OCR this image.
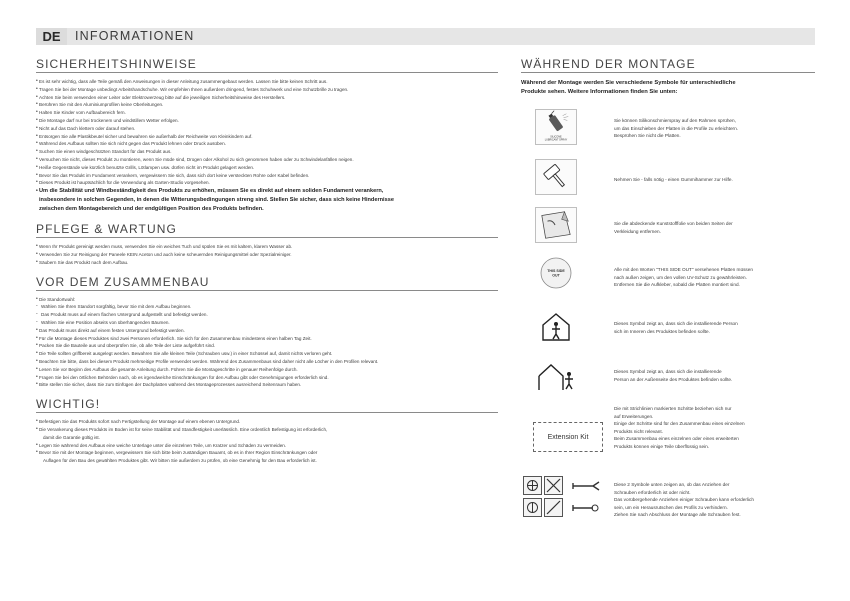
DE	INFORMATIONEN
SICHERHEITSHINWEISE
• Es ist sehr wichtig, dass alle Teile gemäß den Anweisungen in dieser Anleitung zusammengebaut werden. Lassen Sie bitte keinen Schritt aus.
• Tragen Sie bei der Montage unbedingt Arbeitshandschuhe. Wir empfehlen Ihnen außerdem dringend, festes Schuhwerk und eine Schutzbrille zu tragen.
• Achten Sie beim verwenden einer Leiter oder Elektrowerzeug bitte auf die jeweiligen Sicherheitshinweise des Herstellers.
• Berühren Sie mit den Aluminiumprofilen keine Oberleitungen.
• Halten Sie Kinder vom Aufbaubereich fern.
• Die Montage darf nur bei trockenem und windstillem Wetter erfolgen.
• Nicht auf das Dach klettern oder darauf stehen.
• Entsorgen Sie alle Plastikbeutel sicher und bewahren sie außerhalb der Reichweite von Kleinkindern auf.
• Während des Aufbaus sollten Sie sich nicht gegen das Produkt lehnen oder Druck ausüben.
• Suchen Sie einen windgeschützten Standort für das Produkt aus.
• Versuchen Sie nicht, dieses Produkt zu montieren, wenn Sie müde sind, Drogen oder Alkohol zu sich genommen haben oder zu Schwindelanfällen neigen.
• Heiße Gegenstände wie kürzlich benutzte Grills, Lötlampen usw. dürfen nicht im Produkt gelagert werden.
• Bevor Sie das Produkt im Fundament verankern, vergewissern Sie sich, dass sich dort keine versteckten Rohre oder Kabel befinden.
• Dieses Produkt ist hauptsächlich für die Verwendung als Garten-Studio vorgesehen.
• Um die Stabilität und Windbeständigkeit des Produkts zu erhöhen, müssen Sie es direkt auf einem soliden Fundament verankern,
insbesondere in solchen Gegenden, in denen die Witterungsbedingungen streng sind. Stellen Sie sicher, dass sich keine Hindernisse
zwischen dem Montagebereich und der endgültigen Position des Produkts befinden.
PFLEGE & WARTUNG
• Wenn Ihr Produkt gereinigt werden muss, verwenden Sie ein weiches Tuch und spülen Sie es mit kaltem, klarem Wasser ab.
• Verwenden Sie zur Reinigung der Paneele KEIN Aceton und auch keine scheuernden Reinigungsmittel oder Spezialreiniger.
• Säubern Sie das Produkt nach dem Aufbau.
VOR DEM ZUSAMMENBAU
• Die Standortwahl:
- Wählen Sie Ihren Standort sorgfältig, bevor Sie mit dem Aufbau beginnen.
- Das Produkt muss auf einem flachen Untergrund aufgestellt und befestigt werden.
- Wählen Sie eine Position abseits von überhängenden Bäumen.
• Das Produkt muss direkt auf einem festen Untergrund befestigt werden.
• Für die Montage dieses Produktes sind zwei Personen erforderlich. Sie sich für den Zusammenbau mindestens einen halben Tag Zeit.
• Packen Sie die Bauteile aus und überprüfen Sie, ob alle Teile der Liste aufgeführt sind.
• Die Teile sollten griffbereit ausgelegt werden. Bewahren Sie alle kleinen Teile (Schrauben usw.) in einer Schüssel auf, damit nichts verloren geht.
• Beachten Sie bitte, dass bei diesem Produkt mehrseitige Profile verwendet werden. Während des Zusammenbaus sind daher nicht alle Löcher in den Profilen relevant.
• Lesen Sie vor Beginn des Aufbaus die gesamte Anleitung durch. Führen Sie die Montageschritte in genauer Reihenfolge durch.
• Fragen Sie bei den örtlichen Behörden nach, ob es irgendwelche Einschränkungen für den Aufbau gibt oder Genehmigungen erforderlich sind.
• Bitte stellen Sie sicher, dass Sie zum Einfügen der Dachplatten während des Montageprozesses ausreichend Seitenraum haben.
WICHTIG!
• Befestigen Sie das Produkts sofort nach Fertigstellung der Montage auf einem ebenen Untergrund.
• Die Verankerung dieses Produkts im Boden ist für seine Stabilität und Standfestigkeit unerlässlich. Eine ordentlich Befestigung ist erforderlich,
damit die Garantie gültig ist.
• Legen Sie während des Aufbaus eine weiche Unterlage unter die einzelnen Teile, um Kratzer und Schäden zu vermeiden.
• Bevor Sie mit der Montage beginnen, vergewissern Sie sich bitte beim zuständigen Bauamt, ob es in Ihrer Region Einschränkungen oder
Auflagen für den Bau des gewählten Produktes gibt. Wir bitten Sie außerdem zu prüfen, ob eine Genehmig für den Bau erforderlich ist.
WÄHREND DER MONTAGE
Während der Montage werden Sie verschiedene Symbole für unterschiedliche
Produkte sehen. Weitere Informationen finden Sie unten:
SILICONE
LUBRICANT SPRAY
Sie können Silikonschmierspray auf den Rahmen sprühen,
um das Einschieben der Platten in die Profile zu erleichtern.
Besprühen Sie nicht die Platten.
Nehmen Sie - falls nötig - einen Gummihammer zur Hilfe.
Sie die abdeckende Kunststofffolie von beiden Seiten der
Verkleidung entfernen.
THIS SIDE
OUT
Alle mit den Worten "THIS SIDE OUT" versehenen Platten müssen
nach außen zeigen, um den vollen UV-Schutz zu gewährleisten.
Entfernen Sie die Aufkleber, sobald die Platten montiert sind.
Dieses Symbol zeigt an, dass sich die installierende Person
sich im Inneren des Produktes befinden sollte.
Dieses Symbol zeigt an, dass sich die installierende
Person an der Außenseite des Produktes befinden sollte.
Extension Kit
Die mit Strichlinien markierten Schritte beziehen sich nur
auf Erweiterungen.
Einige der Schritte sind für den Zusammenbau eines einzelnen
Produkts nicht relevant.
Beim Zusammenbau eines einzelnen oder eines erweiterten
Produkts können einige Teile überflüssig sein.
Diese 2 Symbole unten zeigen an, ob das Anziehen der
Schrauben erforderlich ist oder nicht.
Das vorübergehende Anziehen einiger Schrauben kann erforderlich
sein, um ein Herausrutschen des Profils zu verhindern.
Ziehen Sie nach Abschluss der Montage alle Schrauben fest.
